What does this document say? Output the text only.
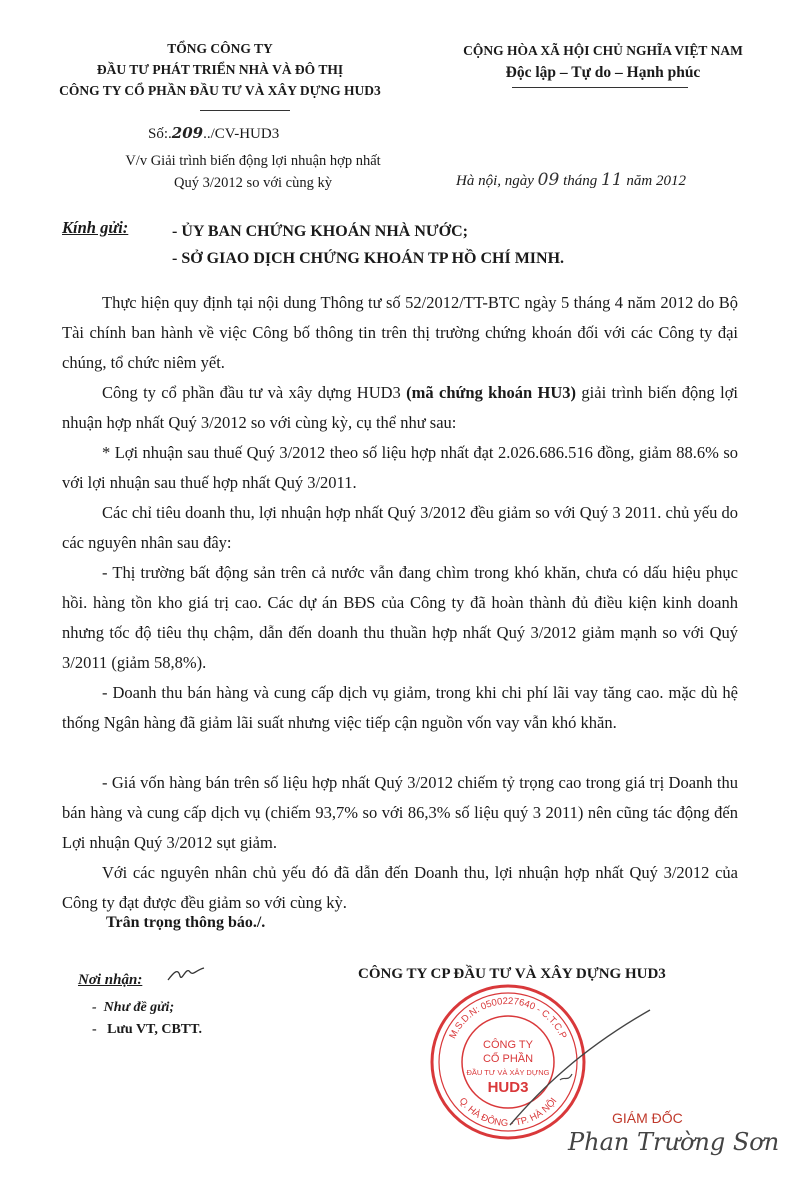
TỔNG CÔNG TY
ĐẦU TƯ PHÁT TRIỂN NHÀ VÀ ĐÔ THỊ
CÔNG TY CỔ PHẦN ĐẦU TƯ VÀ XÂY DỰNG HUD3
CỘNG HÒA XÃ HỘI CHỦ NGHĨA VIỆT NAM
Độc lập – Tự do – Hạnh phúc
Số:.209../CV-HUD3
V/v Giải trình biến động lợi nhuận hợp nhất
Quý 3/2012 so với cùng kỳ	Hà nội, ngày 09 tháng 11 năm 2012
Kính gửi:	- ỦY BAN CHỨNG KHOÁN NHÀ NƯỚC;
- SỞ GIAO DỊCH CHỨNG KHOÁN TP HỒ CHÍ MINH.

Thực hiện quy định tại nội dung Thông tư số 52/2012/TT-BTC ngày 5 tháng 4 năm 2012 do Bộ Tài chính ban hành về việc Công bố thông tin trên thị trường chứng khoán đối với các Công ty đại chúng, tổ chức niêm yết.

Công ty cổ phần đầu tư và xây dựng HUD3 (mã chứng khoán HU3) giải trình biến động lợi nhuận hợp nhất Quý 3/2012 so với cùng kỳ, cụ thể như sau:

* Lợi nhuận sau thuế Quý 3/2012 theo số liệu hợp nhất đạt 2.026.686.516 đồng, giảm 88.6% so với lợi nhuận sau thuế hợp nhất Quý 3/2011.

Các chỉ tiêu doanh thu, lợi nhuận hợp nhất Quý 3/2012 đều giảm so với Quý 3 2011. chủ yếu do các nguyên nhân sau đây:

- Thị trường bất động sản trên cả nước vẫn đang chìm trong khó khăn, chưa có dấu hiệu phục hồi. hàng tồn kho giá trị cao. Các dự án BĐS của Công ty đã hoàn thành đủ điều kiện kinh doanh nhưng tốc độ tiêu thụ chậm, dẫn đến doanh thu thuần hợp nhất Quý 3/2012 giảm mạnh so với Quý 3/2011 (giảm 58,8%).

- Doanh thu bán hàng và cung cấp dịch vụ giảm, trong khi chi phí lãi vay tăng cao. mặc dù hệ thống Ngân hàng đã giảm lãi suất nhưng việc tiếp cận nguồn vốn vay vẫn khó khăn.

- Giá vốn hàng bán trên số liệu hợp nhất Quý 3/2012 chiếm tỷ trọng cao trong giá trị Doanh thu bán hàng và cung cấp dịch vụ (chiếm 93,7% so với 86,3% số liệu quý 3 2011) nên cũng tác động đến Lợi nhuận Quý 3/2012 sụt giảm.

Với các nguyên nhân chủ yếu đó đã dẫn đến Doanh thu, lợi nhuận hợp nhất Quý 3/2012 của Công ty đạt được đều giảm so với cùng kỳ.

Trân trọng thông báo./.
Nơi nhận:
-  Như đề gửi;
-   Lưu VT, CBTT.
CÔNG TY CP ĐẦU TƯ VÀ XÂY DỰNG HUD3
M.S.D.N: 0500227640 - C.T.C.P
Q. HÀ ĐÔNG - TP. HÀ NỘI
CÔNG TY
CỔ PHẦN
ĐẦU TƯ VÀ XÂY DỰNG
HUD3
GIÁM ĐỐC
Phan Trường Sơn
